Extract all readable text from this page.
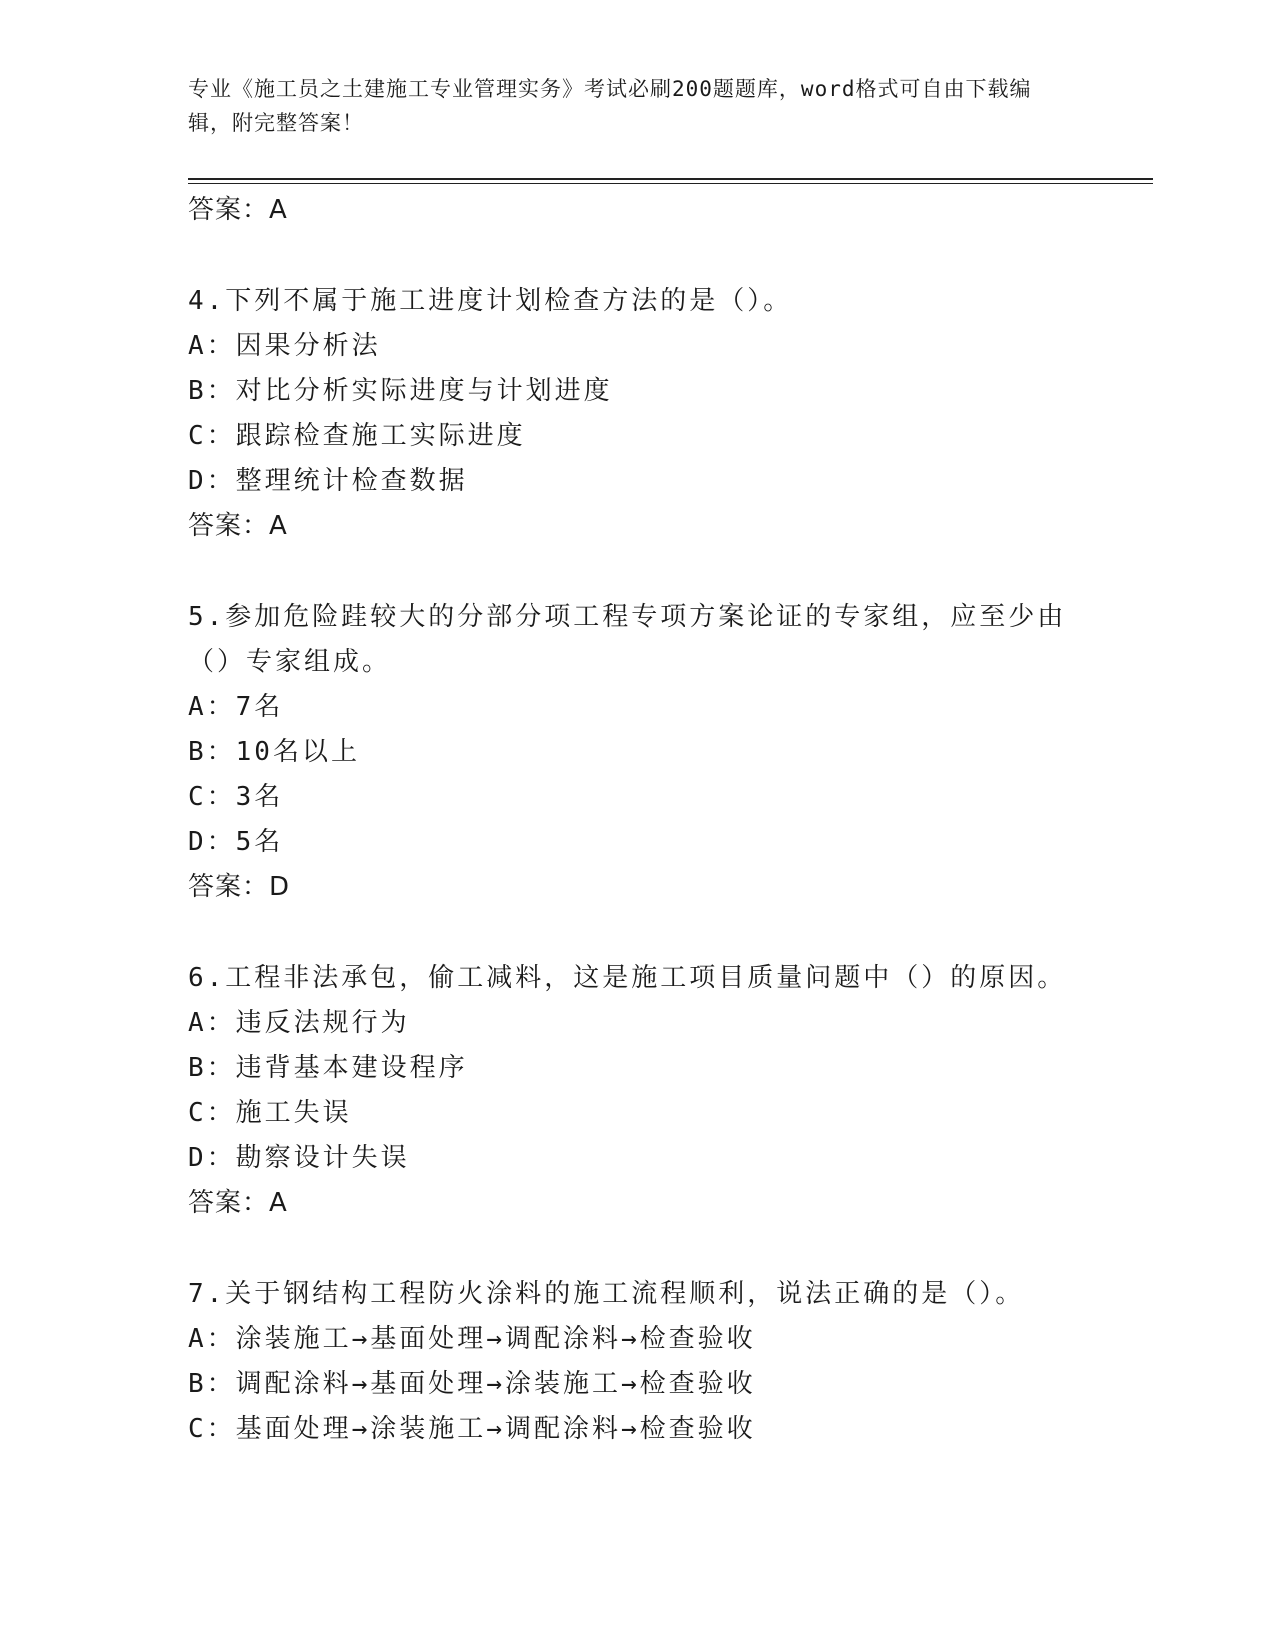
专业《施工员之土建施工专业管理实务》考试必刷200题题库，word格式可自由下载编辑，附完整答案！
答案：A
4.下列不属于施工进度计划检查方法的是（）。
A：因果分析法
B：对比分析实际进度与计划进度
C：跟踪检查施工实际进度
D：整理统计检查数据
答案：A
5.参加危险跬较大的分部分项工程专项方案论证的专家组，应至少由（）专家组成。
A：7名
B：10名以上
C：3名
D：5名
答案：D
6.工程非法承包，偷工减料，这是施工项目质量问题中（）的原因。
A：违反法规行为
B：违背基本建设程序
C：施工失误
D：勘察设计失误
答案：A
7.关于钢结构工程防火涂料的施工流程顺利，说法正确的是（）。
A：涂装施工→基面处理→调配涂料→检查验收
B：调配涂料→基面处理→涂装施工→检查验收
C：基面处理→涂装施工→调配涂料→检查验收
